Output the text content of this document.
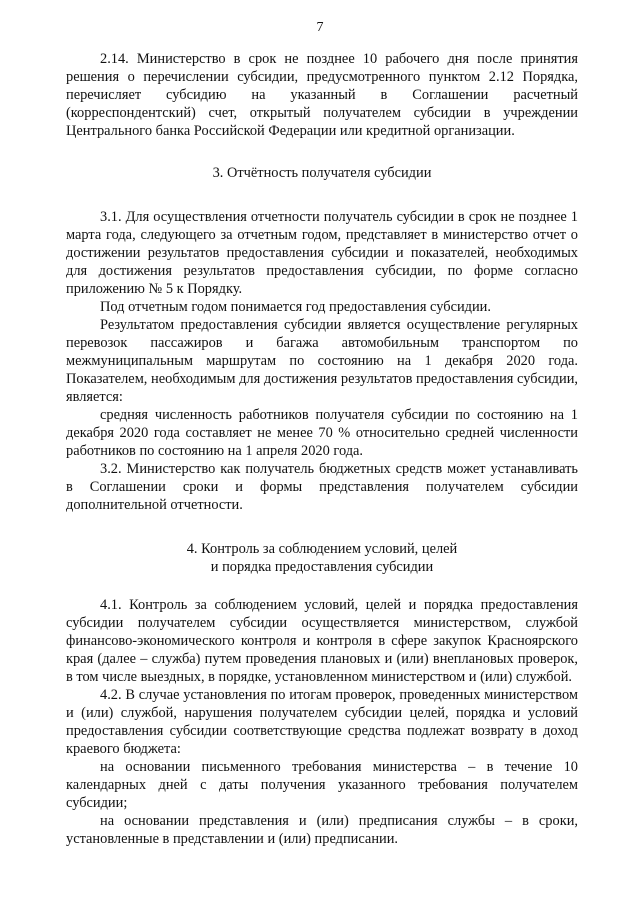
7

2.14. Министерство в срок не позднее 10 рабочего дня после принятия решения о перечислении субсидии, предусмотренного пунктом 2.12 Порядка, перечисляет субсидию на указанный в Соглашении расчетный (корреспондентский) счет, открытый получателем субсидии в учреждении Центрального банка Российской Федерации или кредитной организации.

3. Отчётность получателя субсидии

3.1. Для осуществления отчетности получатель субсидии в срок не позднее 1 марта года, следующего за отчетным годом, представляет в министерство отчет о достижении результатов предоставления субсидии и показателей, необходимых для достижения результатов предоставления субсидии, по форме согласно приложению № 5 к Порядку.

Под отчетным годом понимается год предоставления субсидии.

Результатом предоставления субсидии является осуществление регулярных перевозок пассажиров и багажа автомобильным транспортом по межмуниципальным маршрутам по состоянию на 1 декабря 2020 года. Показателем, необходимым для достижения результатов предоставления субсидии, является:

средняя численность работников получателя субсидии по состоянию на 1 декабря 2020 года составляет не менее 70 % относительно средней численности работников по состоянию на 1 апреля 2020 года.

3.2. Министерство как получатель бюджетных средств может устанавливать в Соглашении сроки и формы представления получателем субсидии дополнительной отчетности.

4. Контроль за соблюдением условий, целей
и порядка предоставления субсидии

4.1. Контроль за соблюдением условий, целей и порядка предоставления субсидии получателем субсидии осуществляется министерством, службой финансово-экономического контроля и контроля в сфере закупок Красноярского края (далее – служба) путем проведения плановых и (или) внеплановых проверок, в том числе выездных, в порядке, установленном министерством и (или) службой.

4.2. В случае установления по итогам проверок, проведенных министерством и (или) службой, нарушения получателем субсидии целей, порядка и условий предоставления субсидии соответствующие средства подлежат возврату в доход краевого бюджета:

на основании письменного требования министерства – в течение 10 календарных дней с даты получения указанного требования получателем субсидии;

на основании представления и (или) предписания службы – в сроки, установленные в представлении и (или) предписании.
